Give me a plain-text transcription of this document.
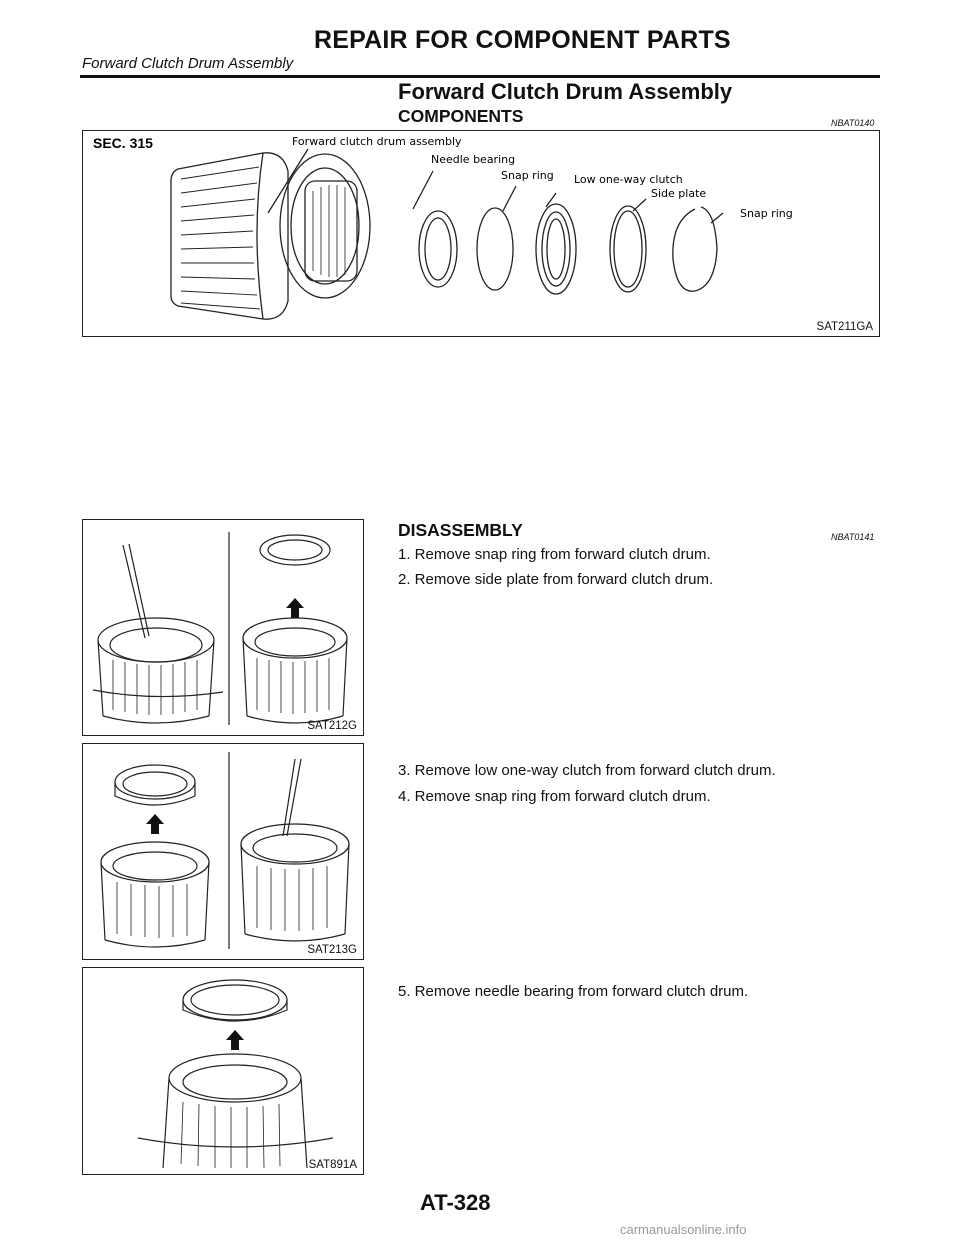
REPAIR FOR COMPONENT PARTS
Forward Clutch Drum Assembly
Forward Clutch Drum Assembly
COMPONENTS	NBAT0140
SEC. 315	Forward clutch drum assembly
Needle bearing
Snap ring Low one-way clutch
Side plate
Snap ring
SAT211GA
DISASSEMBLY	NBAT0141
1. Remove snap ring from forward clutch drum.
2. Remove side plate from forward clutch drum.
3. Remove low one-way clutch from forward clutch drum.
4. Remove snap ring from forward clutch drum.
5. Remove needle bearing from forward clutch drum.
SAT212G
SAT213G
SAT891A
AT-328
carmanualsonline.info
